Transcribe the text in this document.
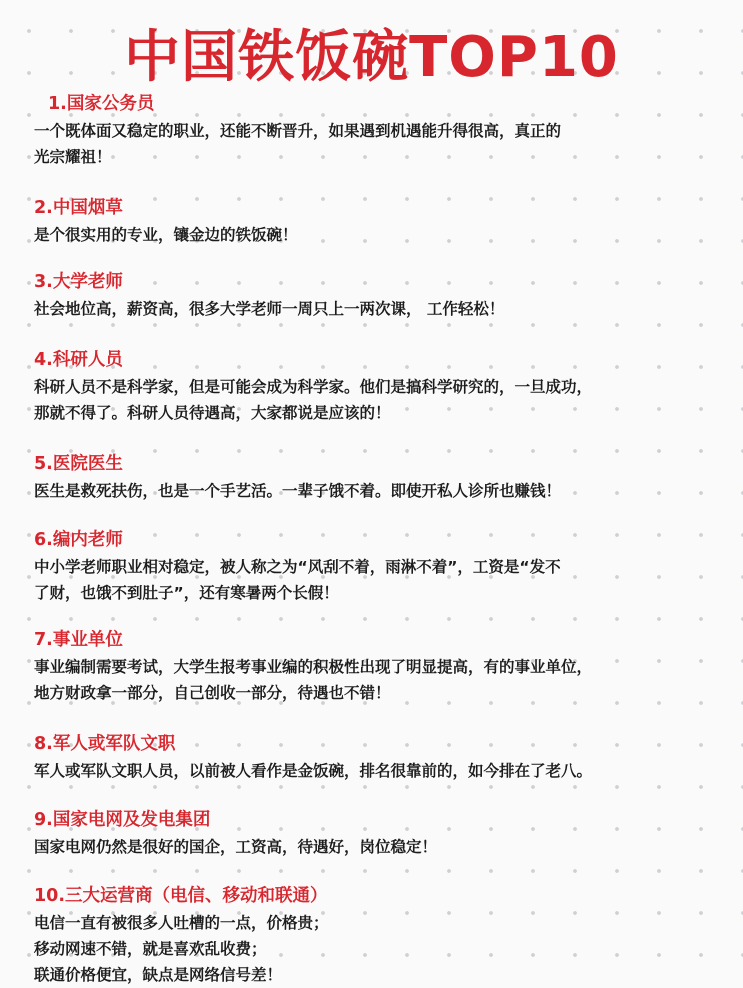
中国铁饭碗TOP10
1.国家公务员
一个既体面又稳定的职业，还能不断晋升，如果遇到机遇能升得很高，真正的
光宗耀祖！
2.中国烟草
是个很实用的专业，镶金边的铁饭碗！
3.大学老师
社会地位高，薪资高，很多大学老师一周只上一两次课， 工作轻松！
4.科研人员
科研人员不是科学家，但是可能会成为科学家。他们是搞科学研究的，一旦成功，
那就不得了。科研人员待遇高，大家都说是应该的！
5.医院医生
医生是救死扶伤，也是一个手艺活。一辈子饿不着。即使开私人诊所也赚钱！
6.编内老师
中小学老师职业相对稳定，被人称之为“风刮不着，雨淋不着”，工资是“发不
了财，也饿不到肚子”，还有寒暑两个长假！
7.事业单位
事业编制需要考试，大学生报考事业编的积极性出现了明显提高，有的事业单位，
地方财政拿一部分，自己创收一部分，待遇也不错！
8.军人或军队文职
军人或军队文职人员，以前被人看作是金饭碗，排名很靠前的，如今排在了老八。
9.国家电网及发电集团
国家电网仍然是很好的国企，工资高，待遇好，岗位稳定！
10.三大运营商（电信、移动和联通）
电信一直有被很多人吐槽的一点，价格贵；
移动网速不错，就是喜欢乱收费；
联通价格便宜，缺点是网络信号差！
